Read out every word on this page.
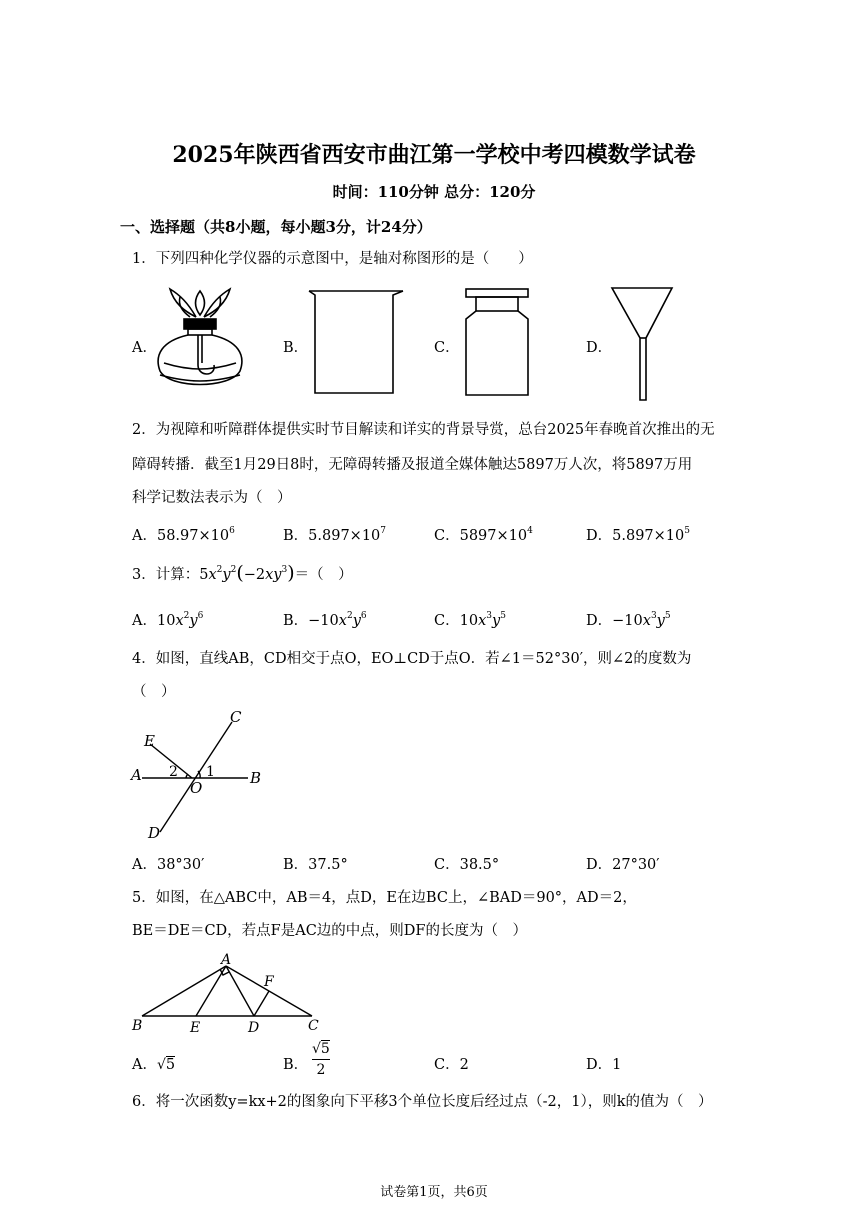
2025年陕西省西安市曲江第一学校中考四模数学试卷
时间：110分钟 总分：120分
一、选择题（共8小题，每小题3分，计24分）
1．下列四种化学仪器的示意图中，是轴对称图形的是（　　）
A．	B．	C．	D．
2．为视障和听障群体提供实时节目解读和详实的背景导赏，总台2025年春晚首次推出的无
障碍转播．截至1月29日8时，无障碍转播及报道全媒体触达5897万人次，将5897万用
科学记数法表示为（　）
A．$58.97\times 10^6$	B．$5.897\times 10^7$	C．$5897\times 10^4$	D．$5.897\times 10^5$
3．计算：$5x^2y^2(-2xy^3)=$（　）
A．$10x^2y^6$	B．$-10x^2y^6$	C．$10x^3y^5$	D．$-10x^3y^5$
4．如图，直线AB，CD相交于点O，EO⊥CD于点O．若∠1＝52°30′，则∠2的度数为
（　）
C
E
A	B
O
D
2 1
A．38°30′	B．37.5°	C．38.5°	D．27°30′
5．如图，在△ABC中，AB＝4，点D，E在边BC上，∠BAD＝90°，AD＝2，
BE＝DE＝CD，若点F是AC边的中点，则DF的长度为（　）
A
B	E	D	C
F
A．√5	B．
√5
2	C．2	D．1
6．将一次函数y=kx+2的图象向下平移3个单位长度后经过点（-2，1），则k的值为（　）
试卷第1页，共6页
